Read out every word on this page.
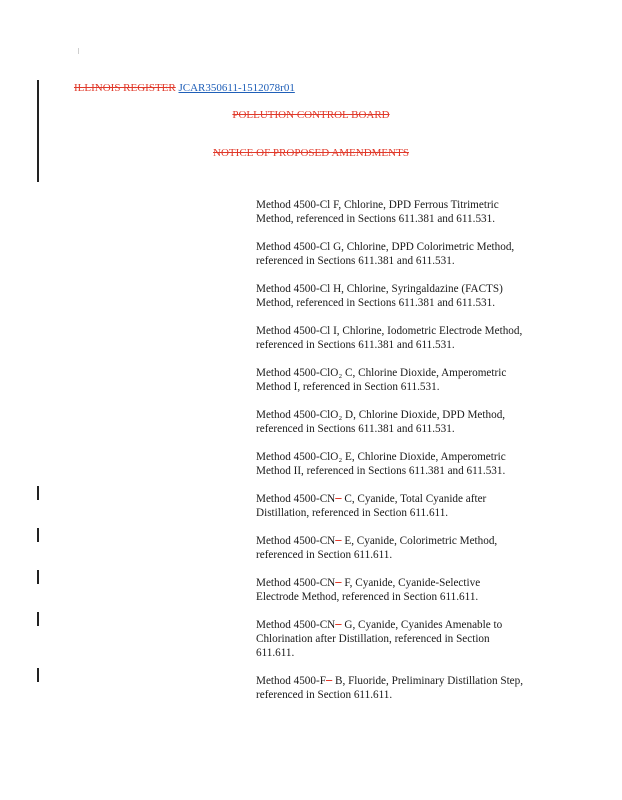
ILLINOIS REGISTER JCAR350611-1512078r01
POLLUTION CONTROL BOARD
NOTICE OF PROPOSED AMENDMENTS

Method 4500-Cl F, Chlorine, DPD Ferrous Titrimetric
Method, referenced in Sections 611.381 and 611.531.

Method 4500-Cl G, Chlorine, DPD Colorimetric Method,
referenced in Sections 611.381 and 611.531.

Method 4500-Cl H, Chlorine, Syringaldazine (FACTS)
Method, referenced in Sections 611.381 and 611.531.

Method 4500-Cl I, Chlorine, Iodometric Electrode Method,
referenced in Sections 611.381 and 611.531.

Method 4500-ClO₂ C, Chlorine Dioxide, Amperometric
Method I, referenced in Section 611.531.

Method 4500-ClO₂ D, Chlorine Dioxide, DPD Method,
referenced in Sections 611.381 and 611.531.

Method 4500-ClO₂ E, Chlorine Dioxide, Amperometric
Method II, referenced in Sections 611.381 and 611.531.

Method 4500-CN− C, Cyanide, Total Cyanide after
Distillation, referenced in Section 611.611.

Method 4500-CN− E, Cyanide, Colorimetric Method,
referenced in Section 611.611.

Method 4500-CN− F, Cyanide, Cyanide-Selective
Electrode Method, referenced in Section 611.611.

Method 4500-CN− G, Cyanide, Cyanides Amenable to
Chlorination after Distillation, referenced in Section
611.611.

Method 4500-F− B, Fluoride, Preliminary Distillation Step,
referenced in Section 611.611.
